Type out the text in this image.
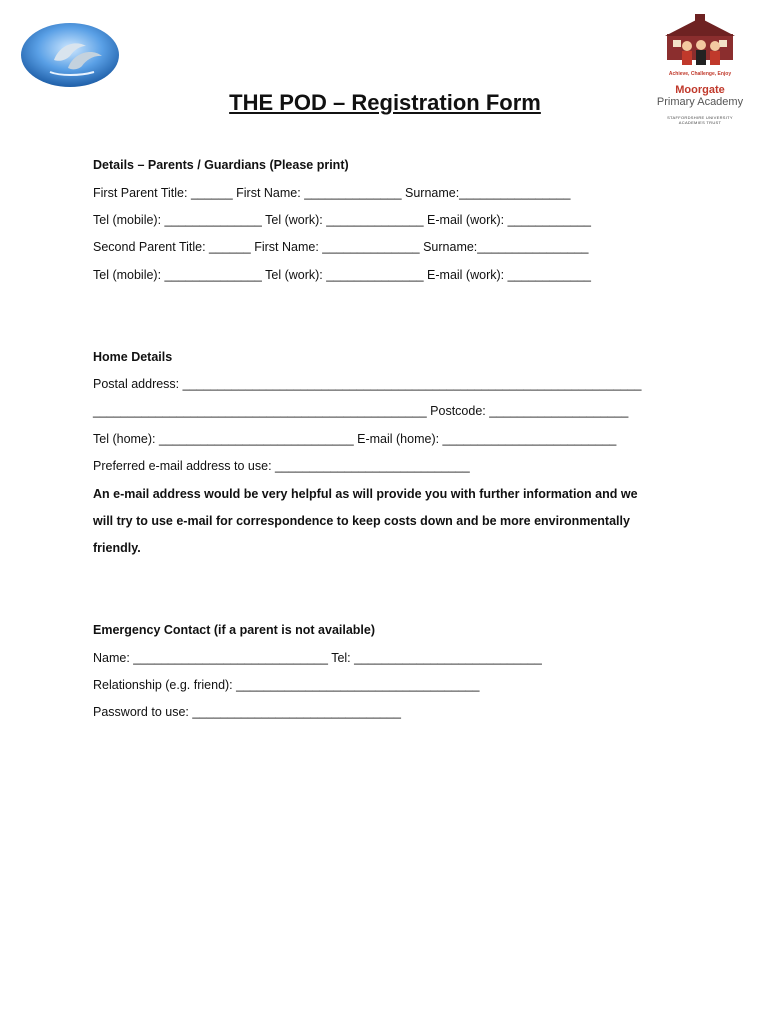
Achieve, Challenge, Enjoy
Moorgate
Primary Academy
STAFFORDSHIRE UNIVERSITY ACADEMIES TRUST
THE POD – Registration Form
Details – Parents / Guardians (Please print)
First Parent Title: ______ First Name: ______________ Surname:________________
Tel (mobile): ______________ Tel (work): ______________ E-mail (work): ____________
Second Parent Title: ______ First Name: ______________ Surname:________________
Tel (mobile): ______________ Tel (work): ______________ E-mail (work): ____________
Home Details
Postal address: __________________________________________________________________
________________________________________________ Postcode: ____________________
Tel (home): ____________________________ E-mail (home): _________________________
Preferred e-mail address to use: ____________________________
An e-mail address would be very helpful as will provide you with further information and we
will try to use e-mail for correspondence to keep costs down and be more environmentally
friendly.
Emergency Contact (if a parent is not available)
Name: ____________________________ Tel: ___________________________
Relationship (e.g. friend): ___________________________________
Password to use: ______________________________
